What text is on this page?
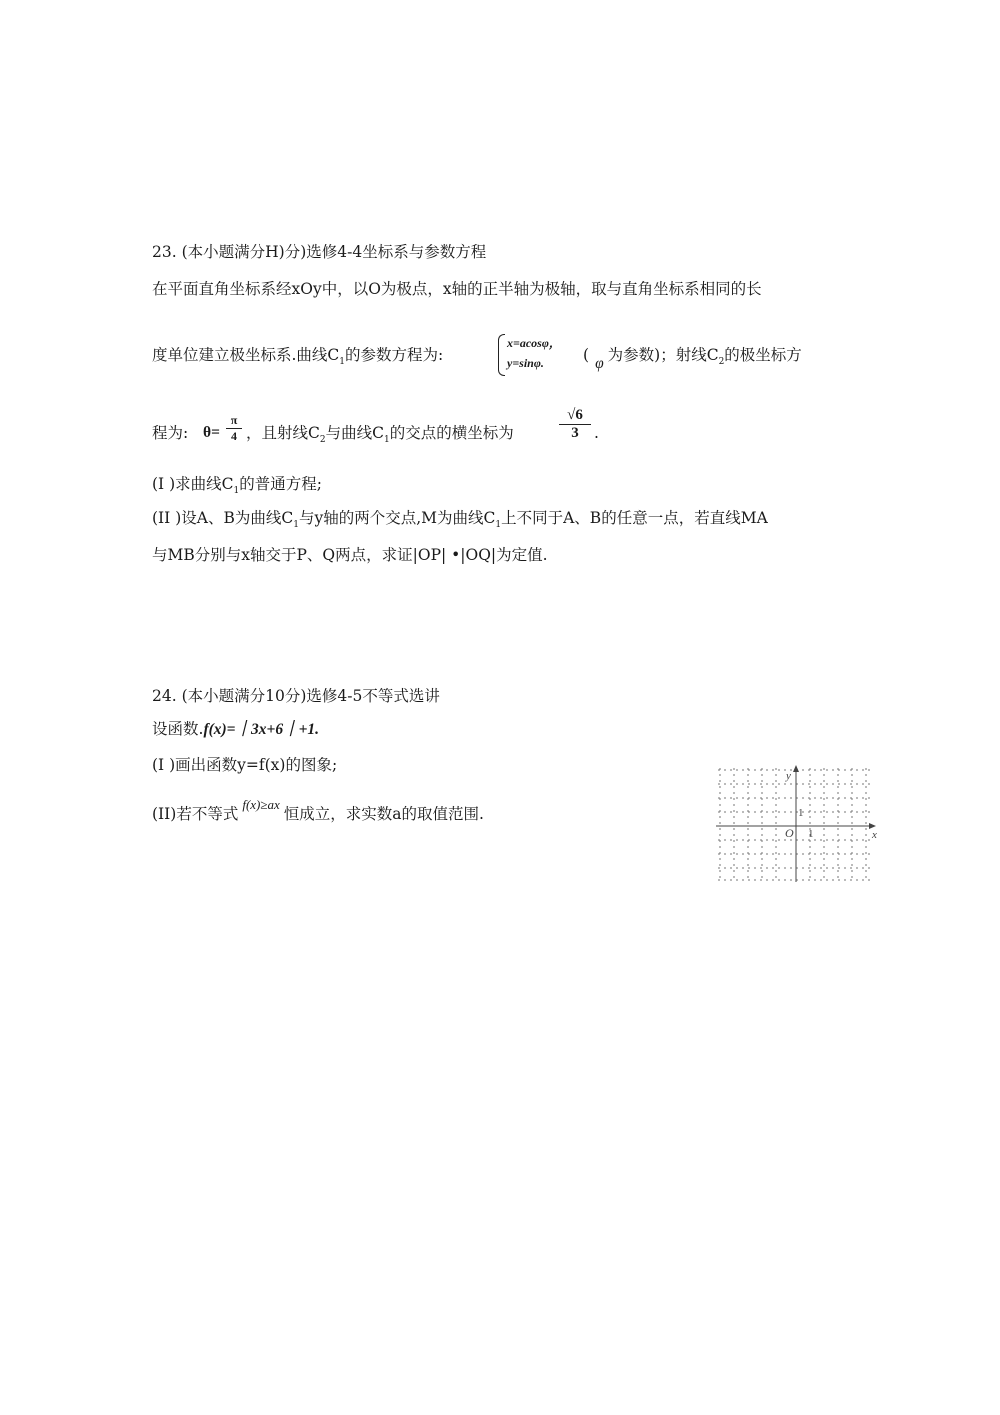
23. (本小题满分H)分)选修4-4坐标系与参数方程
在平面直角坐标系经xOy中，以O为极点，x轴的正半轴为极轴，取与直角坐标系相同的长
度单位建立极坐标系.曲线$C_1$的参数方程为:
x=acosφ，
y=sinφ.	( φ 为参数)；射线$C_2$的极坐标方
程为: $\theta= \frac{\pi}{4}$ ，且射线$C_2$与曲线$C_1$的交点的横坐标为	$\frac{√6}{3}$ .
(I )求曲线$C_1$的普通方程;
(II )设A、B为曲线$C_1$与y轴的两个交点,M为曲线$C_1$上不同于A、B的任意一点，若直线MA
与MB分别与x轴交于P、Q两点，求证|OP| •|OQ|为定值.
24. (本小题满分10分)选修4-5不等式选讲
设函数.f(x)=｜3x+6｜+1.
(I )画出函数y=f(x)的图象;
(II)若不等式$^{f(x)\ge ax}$恒成立，求实数a的取值范围.
y
x
O 1
1
